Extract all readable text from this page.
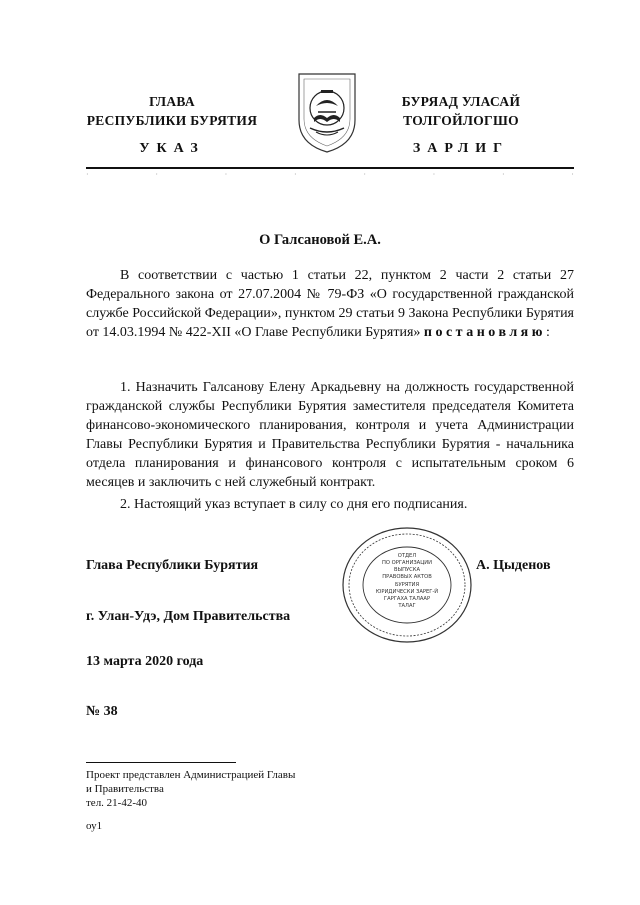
ГЛАВА
РЕСПУБЛИКИ БУРЯТИЯ
УКАЗ
БУРЯАД УЛАСАЙ
ТОЛГОЙЛОГШО
ЗАРЛИГ
·	·	·	·	·	·	·	·
О Галсановой Е.А.
В соответствии с частью 1 статьи 22, пунктом 2 части 2 статьи 27 Федерального закона от 27.07.2004 № 79-ФЗ «О государственной гражданской службе Российской Федерации», пунктом 29 статьи 9 Закона Республики Бурятия от 14.03.1994 № 422-XII «О Главе Республики Бурятия» постановляю:
1. Назначить Галсанову Елену Аркадьевну на должность государственной гражданской службы Республики Бурятия заместителя председателя Комитета финансово-экономического планирования, контроля и учета Администрации Главы Республики Бурятия и Правительства Республики Бурятия - начальника отдела планирования и финансового контроля с испытательным сроком 6 месяцев и заключить с ней служебный контракт.
2. Настоящий указ вступает в силу со дня его подписания.
ОТДЕЛ
ПО ОРГАНИЗАЦИИ
ВЫПУСКА
ПРАВОВЫХ АКТОВ
БУРЯТИЯ
ЮРИДИЧЕСКИ ЗАРЕГ-Й
ГАРГАХА ТАЛААР
ТАЛАГ
Глава Республики Бурятия	А. Цыденов
г. Улан-Удэ, Дом Правительства
13 марта 2020 года
№ 38
Проект представлен Администрацией Главы
и Правительства
тел. 21-42-40
оу1
